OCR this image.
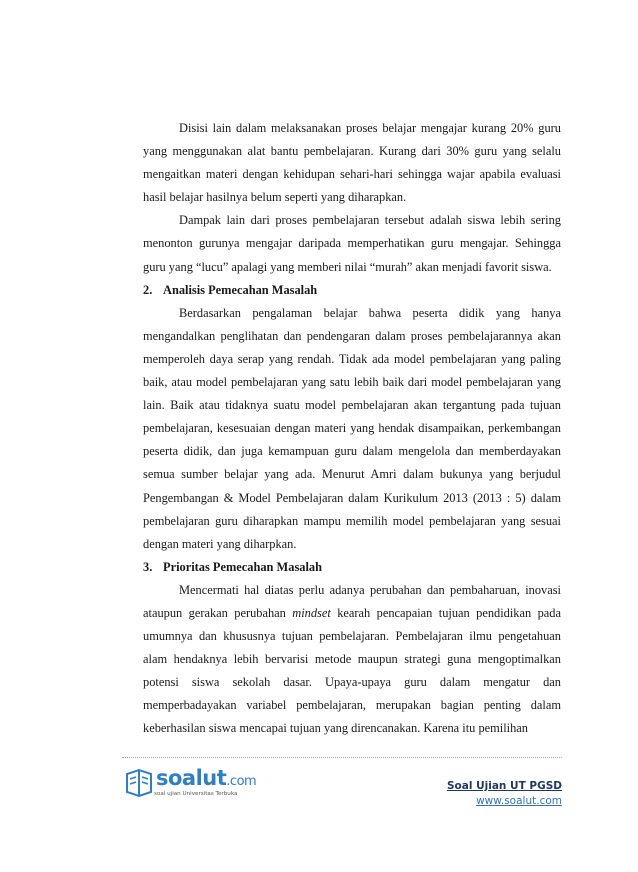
Disisi lain dalam melaksanakan proses belajar mengajar kurang 20% guru yang menggunakan alat bantu pembelajaran. Kurang dari 30% guru yang selalu mengaitkan materi dengan kehidupan sehari-hari sehingga wajar apabila evaluasi hasil belajar hasilnya belum seperti yang diharapkan.

Dampak lain dari proses pembelajaran tersebut adalah siswa lebih sering menonton gurunya mengajar daripada memperhatikan guru mengajar. Sehingga guru yang “lucu” apalagi yang memberi nilai “murah” akan menjadi favorit siswa.

2. Analisis Pemecahan Masalah

Berdasarkan pengalaman belajar bahwa peserta didik yang hanya mengandalkan penglihatan dan pendengaran dalam proses pembelajarannya akan memperoleh daya serap yang rendah. Tidak ada model pembelajaran yang paling baik, atau model pembelajaran yang satu lebih baik dari model pembelajaran yang lain. Baik atau tidaknya suatu model pembelajaran akan tergantung pada tujuan pembelajaran, kesesuaian dengan materi yang hendak disampaikan, perkembangan peserta didik, dan juga kemampuan guru dalam mengelola dan memberdayakan semua sumber belajar yang ada. Menurut Amri dalam bukunya yang berjudul Pengembangan & Model Pembelajaran dalam Kurikulum 2013 (2013 : 5) dalam pembelajaran guru diharapkan mampu memilih model pembelajaran yang sesuai dengan materi yang diharpkan.

3. Prioritas Pemecahan Masalah

Mencermati hal diatas perlu adanya perubahan dan pembaharuan, inovasi ataupun gerakan perubahan mindset kearah pencapaian tujuan pendidikan pada umumnya dan khususnya tujuan pembelajaran. Pembelajaran ilmu pengetahuan alam hendaknya lebih bervarisi metode maupun strategi guna mengoptimalkan potensi siswa sekolah dasar. Upaya-upaya guru dalam mengatur dan memperbadayakan variabel pembelajaran, merupakan bagian penting dalam keberhasilan siswa mencapai tujuan yang direncanakan. Karena itu pemilihan

soalut.com
soal ujian Universitas Terbuka
Soal Ujian UT PGSD
www.soalut.com
